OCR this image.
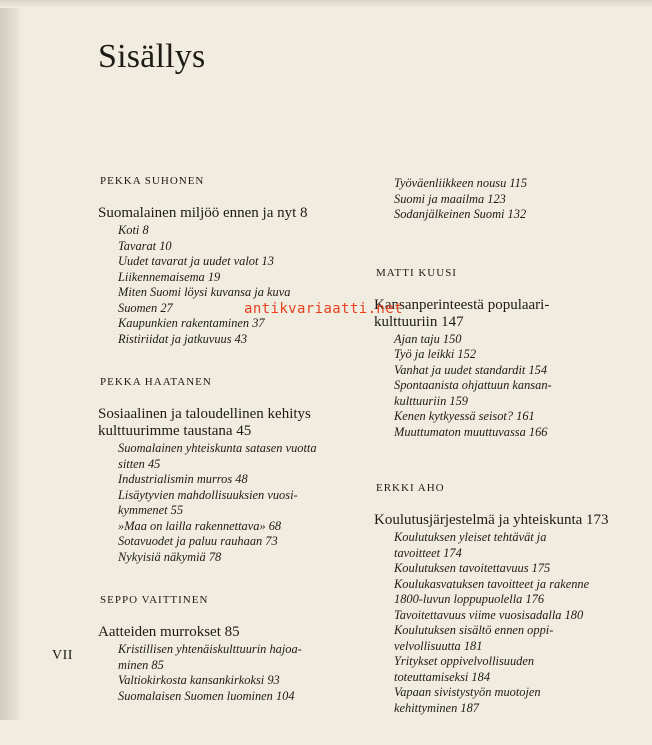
Sisällys
PEKKA SUHONEN
Suomalainen miljöö ennen ja nyt 8
Koti 8
Tavarat 10
Uudet tavarat ja uudet valot 13
Liikennemaisema 19
Miten Suomi löysi kuvansa ja kuva
Suomen 27
Kaupunkien rakentaminen 37
Ristiriidat ja jatkuvuus 43
PEKKA HAATANEN
Sosiaalinen ja taloudellinen kehitys kulttuurimme taustana 45
Suomalainen yhteiskunta satasen vuotta
sitten 45
Industrialismin murros 48
Lisäytyvien mahdollisuuksien vuosi-
kymmenet 55
»Maa on lailla rakennettava» 68
Sotavuodet ja paluu rauhaan 73
Nykyisiä näkymiä 78
SEPPO VAITTINEN
Aatteiden murrokset 85
Kristillisen yhtenäiskulttuurin hajoa-
minen 85
Valtiokirkosta kansankirkoksi 93
Suomalaisen Suomen luominen 104
Työväenliikkeen nousu 115
Suomi ja maailma 123
Sodanjälkeinen Suomi 132
MATTI KUUSI
Kansanperinteestä populaari-kulttuuriin 147
Ajan taju 150
Työ ja leikki 152
Vanhat ja uudet standardit 154
Spontaanista ohjattuun kansan-
kulttuuriin 159
Kenen kytkyessä seisot? 161
Muuttumaton muuttuvassa 166
ERKKI AHO
Koulutusjärjestelmä ja yhteiskunta 173
Koulutuksen yleiset tehtävät ja
tavoitteet 174
Koulutuksen tavoitettavuus 175
Koulukasvatuksen tavoitteet ja rakenne
1800-luvun loppupuolella 176
Tavoitettavuus viime vuosisadalla 180
Koulutuksen sisältö ennen oppi-
velvollisuutta 181
Yritykset oppivelvollisuuden
toteuttamiseksi 184
Vapaan sivistystyön muotojen
kehittyminen 187
VII
antikvariaatti.net
